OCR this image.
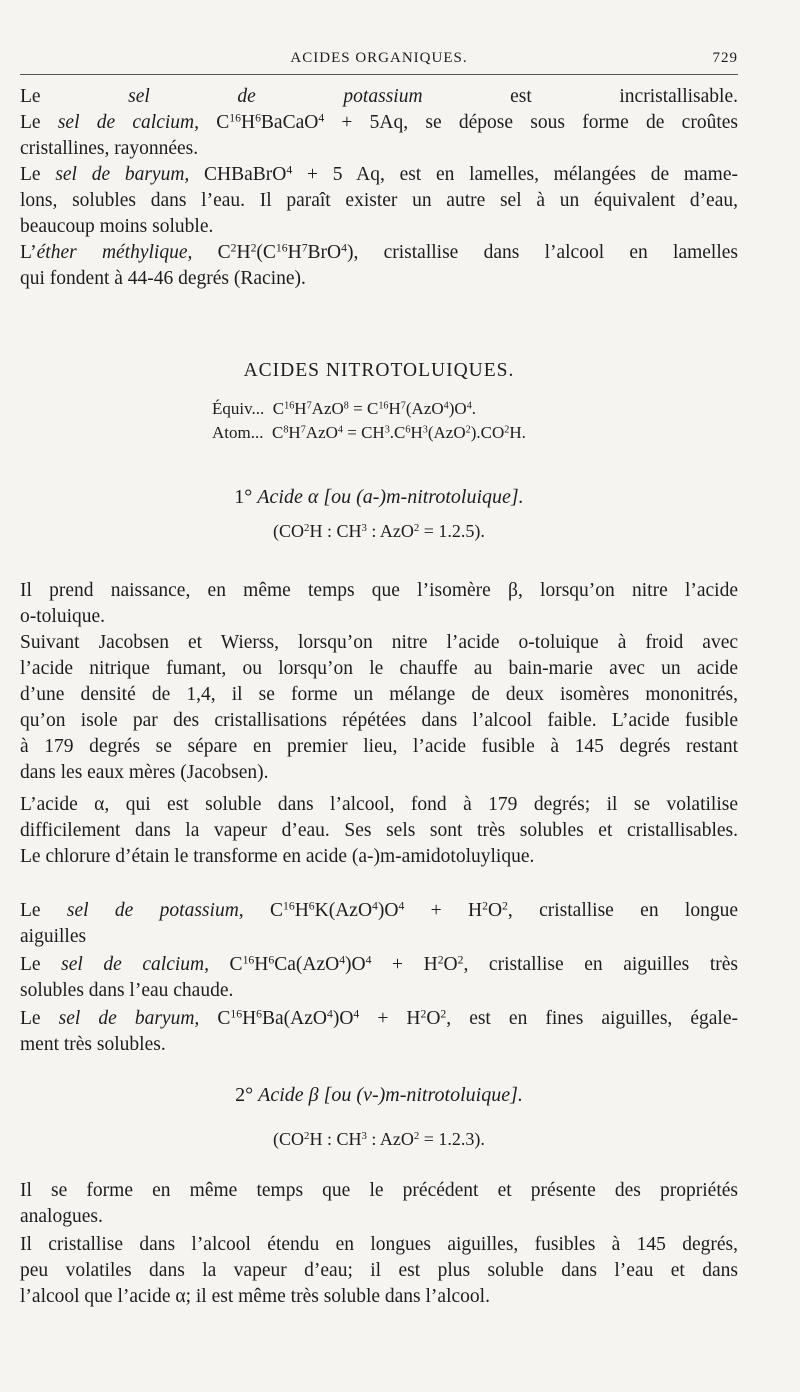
ACIDES ORGANIQUES.	729

Le sel de potassium est incristallisable.

Le sel de calcium, $C^{16}H^6BaCaO^4 + 5Aq$, se dépose sous forme de croûtes

cristallines, rayonnées.

Le sel de baryum, CHBaBrO$^4$ + 5 Aq, est en lamelles, mélangées de mame-

lons, solubles dans l’eau. Il paraît exister un autre sel à un équivalent d’eau,

beaucoup moins soluble.

L’éther méthylique, $C^2H^2(C^{16}H^7BrO^4)$, cristallise dans l’alcool en lamelles

qui fondent à 44-46 degrés (Racine).

ACIDES NITROTOLUIQUES.

Équiv...  $C^{16}H^7AzO^8 = C^{16}H^7(AzO^4)O^4$.

Atom...  $C^8H^7AzO^4 = CH^3.C^6H^3(AzO^2).CO^2H$.

1° Acide α [ou (a-)m-nitrotoluique].

($CO^2H$ : $CH^3$ : AzO$^2$ = 1.2.5).

Il prend naissance, en même temps que l’isomère β, lorsqu’on nitre l’acide

o-toluique.

Suivant Jacobsen et Wierss, lorsqu’on nitre l’acide o-toluique à froid avec

l’acide nitrique fumant, ou lorsqu’on le chauffe au bain-marie avec un acide

d’une densité de 1,4, il se forme un mélange de deux isomères mononitrés,

qu’on isole par des cristallisations répétées dans l’alcool faible. L’acide fusible

à 179 degrés se sépare en premier lieu, l’acide fusible à 145 degrés restant

dans les eaux mères (Jacobsen).

L’acide α, qui est soluble dans l’alcool, fond à 179 degrés; il se volatilise

difficilement dans la vapeur d’eau. Ses sels sont très solubles et cristallisables.

Le chlorure d’étain le transforme en acide (a-)m-amidotoluylique.

Le sel de potassium, $C^{16}H^6K(AzO^4)O^4 + H^2O^2$, cristallise en longue

aiguilles

Le sel de calcium, $C^{16}H^6Ca(AzO^4)O^4 + H^2O^2$, cristallise en aiguilles très

solubles dans l’eau chaude.

Le sel de baryum, $C^{16}H^6Ba(AzO^4)O^4 + H^2O^2$, est en fines aiguilles, égale-

ment très solubles.

2° Acide β [ou (v-)m-nitrotoluique].

($CO^2H$ : $CH^3$ : AzO$^2$ = 1.2.3).

Il se forme en même temps que le précédent et présente des propriétés

analogues.

Il cristallise dans l’alcool étendu en longues aiguilles, fusibles à 145 degrés,

peu volatiles dans la vapeur d’eau; il est plus soluble dans l’eau et dans

l’alcool que l’acide α; il est même très soluble dans l’alcool.
